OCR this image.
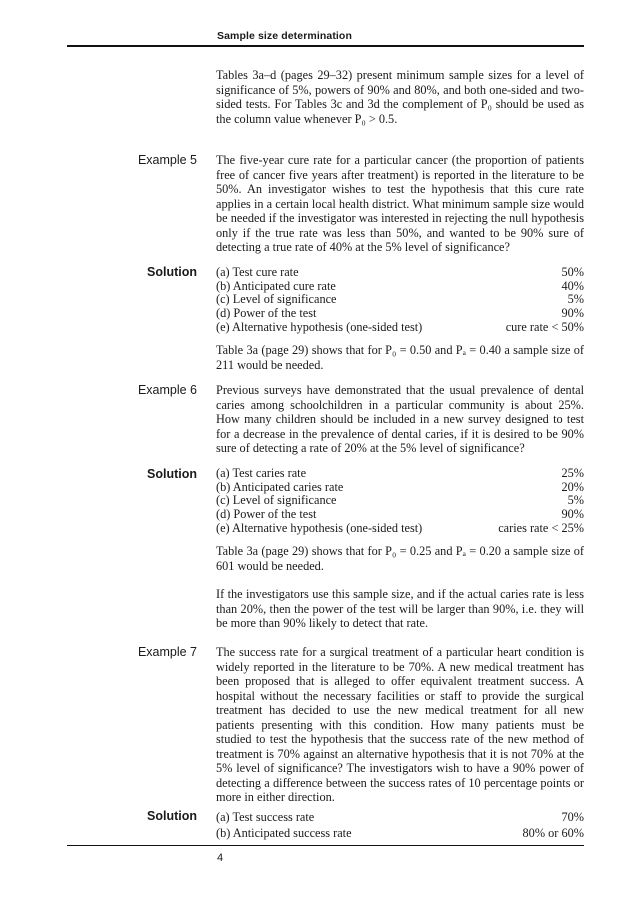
Sample size determination

Tables 3a–d (pages 29–32) present minimum sample sizes for a level of significance of 5%, powers of 90% and 80%, and both one-sided and two-sided tests. For Tables 3c and 3d the complement of P₀ should be used as the column value whenever P₀ > 0.5.

Example 5 The five-year cure rate for a particular cancer (the proportion of patients free of cancer five years after treatment) is reported in the literature to be 50%. An investigator wishes to test the hypothesis that this cure rate applies in a certain local health district. What minimum sample size would be needed if the investigator was interested in rejecting the null hypothesis only if the true rate was less than 50%, and wanted to be 90% sure of detecting a true rate of 40% at the 5% level of significance?

Solution (a) Test cure rate	50%
(b) Anticipated cure rate	40%
(c) Level of significance	5%
(d) Power of the test	90%
(e) Alternative hypothesis (one-sided test)	cure rate < 50%

Table 3a (page 29) shows that for P₀ = 0.50 and Pₐ = 0.40 a sample size of 211 would be needed.

Example 6 Previous surveys have demonstrated that the usual prevalence of dental caries among schoolchildren in a particular community is about 25%. How many children should be included in a new survey designed to test for a decrease in the prevalence of dental caries, if it is desired to be 90% sure of detecting a rate of 20% at the 5% level of significance?

Solution (a) Test caries rate	25%
(b) Anticipated caries rate	20%
(c) Level of significance	5%
(d) Power of the test	90%
(e) Alternative hypothesis (one-sided test)	caries rate < 25%

Table 3a (page 29) shows that for P₀ = 0.25 and Pₐ = 0.20 a sample size of 601 would be needed.

If the investigators use this sample size, and if the actual caries rate is less than 20%, then the power of the test will be larger than 90%, i.e. they will be more than 90% likely to detect that rate.

Example 7 The success rate for a surgical treatment of a particular heart condition is widely reported in the literature to be 70%. A new medical treatment has been proposed that is alleged to offer equivalent treatment success. A hospital without the necessary facilities or staff to provide the surgical treatment has decided to use the new medical treatment for all new patients presenting with this condition. How many patients must be studied to test the hypothesis that the success rate of the new method of treatment is 70% against an alternative hypothesis that it is not 70% at the 5% level of significance? The investigators wish to have a 90% power of detecting a difference between the success rates of 10 percentage points or more in either direction.

Solution (a) Test success rate	70%
(b) Anticipated success rate	80% or 60%
4
